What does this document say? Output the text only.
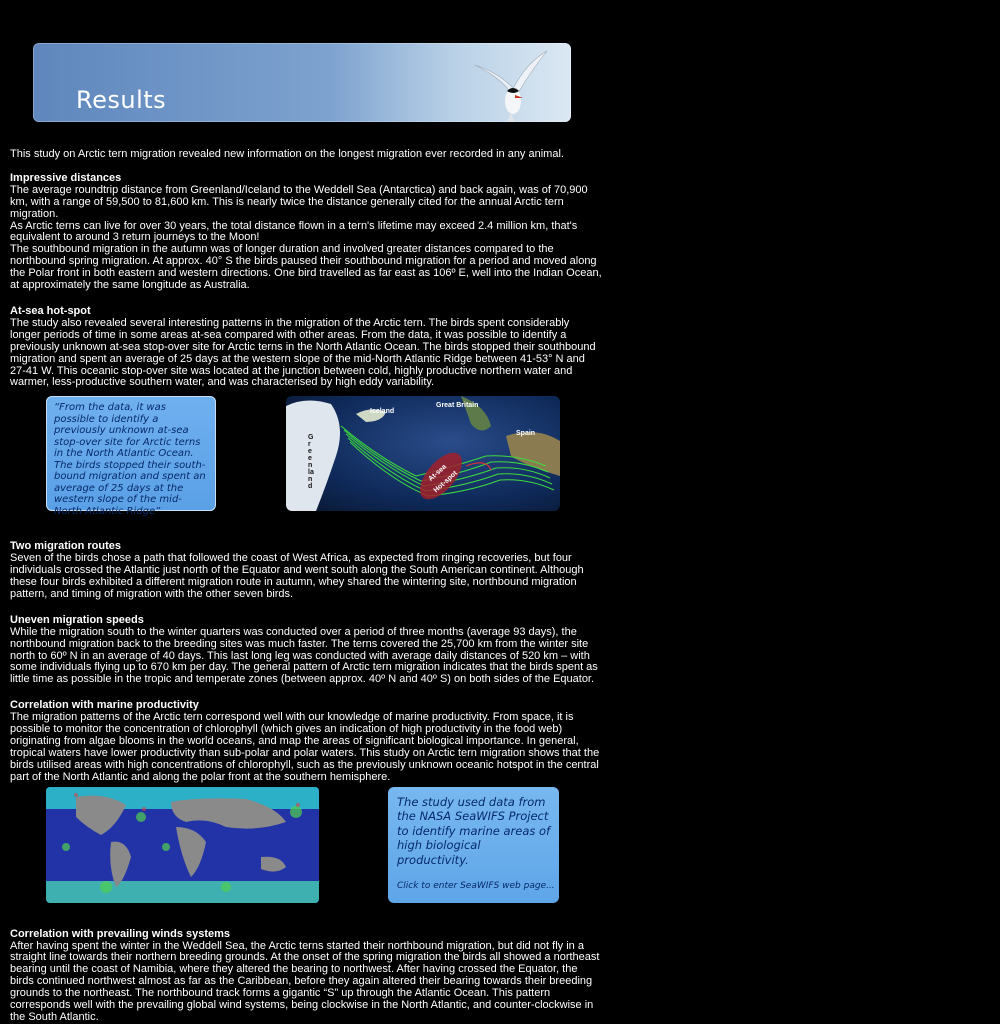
Results

This study on Arctic tern migration revealed new information on the longest migration ever recorded in any animal.

Impressive distances

The average roundtrip distance from Greenland/Iceland to the Weddell Sea (Antarctica) and back again, was of 70,900 km, with a range of 59,500 to 81,600 km. This is nearly twice the distance generally cited for the annual Arctic tern migration.

As Arctic terns can live for over 30 years, the total distance flown in a tern's lifetime may exceed 2.4 million km, that's equivalent to around 3 return journeys to the Moon!

The southbound migration in the autumn was of longer duration and involved greater distances compared to the northbound spring migration. At approx. 40° S the birds paused their southbound migration for a period and moved along the Polar front in both eastern and western directions. One bird travelled as far east as 106º E, well into the Indian Ocean, at approximately the same longitude as Australia.

At-sea hot-spot

The study also revealed several interesting patterns in the migration of the Arctic tern. The birds spent considerably longer periods of time in some areas at-sea compared with other areas. From the data, it was possible to identify a previously unknown at-sea stop-over site for Arctic terns in the North Atlantic Ocean. The birds stopped their southbound migration and spent an average of 25 days at the western slope of the mid-North Atlantic Ridge between 41-53° N and 27-41 W. This oceanic stop-over site was located at the junction between cold, highly productive northern water and warmer, less-productive southern water, and was characterised by high eddy variability.

“From the data, it was possible to identify a previously unknown at-sea stop-over site for Arctic terns in the North Atlantic Ocean. The birds stopped their south-bound migration and spent an average of 25 days at the western slope of the mid-North Atlantic Ridge”
Iceland
Great Britain
Spain
Greenland
At-sea Hot-spot

Two migration routes

Seven of the birds chose a path that followed the coast of West Africa, as expected from ringing recoveries, but four individuals crossed the Atlantic just north of the Equator and went south along the South American continent. Although these four birds exhibited a different migration route in autumn, whey shared the wintering site, northbound migration pattern, and timing of migration with the other seven birds.

Uneven migration speeds

While the migration south to the winter quarters was conducted over a period of three months (average 93 days), the northbound migration back to the breeding sites was much faster. The terns covered the 25,700 km from the winter site north to 60º N in an average of 40 days. This last long leg was conducted with average daily distances of 520 km – with some individuals flying up to 670 km per day. The general pattern of Arctic tern migration indicates that the birds spent as little time as possible in the tropic and temperate zones (between approx. 40º N and 40º S) on both sides of the Equator.

Correlation with marine productivity

The migration patterns of the Arctic tern correspond well with our knowledge of marine productivity. From space, it is possible to monitor the concentration of chlorophyll (which gives an indication of high productivity in the food web) originating from algae blooms in the world oceans, and map the areas of significant biological importance. In general, tropical waters have lower productivity than sub-polar and polar waters. This study on Arctic tern migration shows that the birds utilised areas with high concentrations of chlorophyll, such as the previously unknown oceanic hotspot in the central part of the North Atlantic and along the polar front at the southern hemisphere.

The study used data from the NASA SeaWIFS Project to identify marine areas of high biological productivity.
Click to enter SeaWIFS web page...

Correlation with prevailing winds systems

After having spent the winter in the Weddell Sea, the Arctic terns started their northbound migration, but did not fly in a straight line towards their northern breeding grounds. At the onset of the spring migration the birds all showed a northeast bearing until the coast of Namibia, where they altered the bearing to northwest. After having crossed the Equator, the birds continued northwest almost as far as the Caribbean, before they again altered their bearing towards their breeding grounds to the northeast. The northbound track forms a gigantic “S” up through the Atlantic Ocean. This pattern corresponds well with the prevailing global wind systems, being clockwise in the North Atlantic, and counter-clockwise in the South Atlantic.
